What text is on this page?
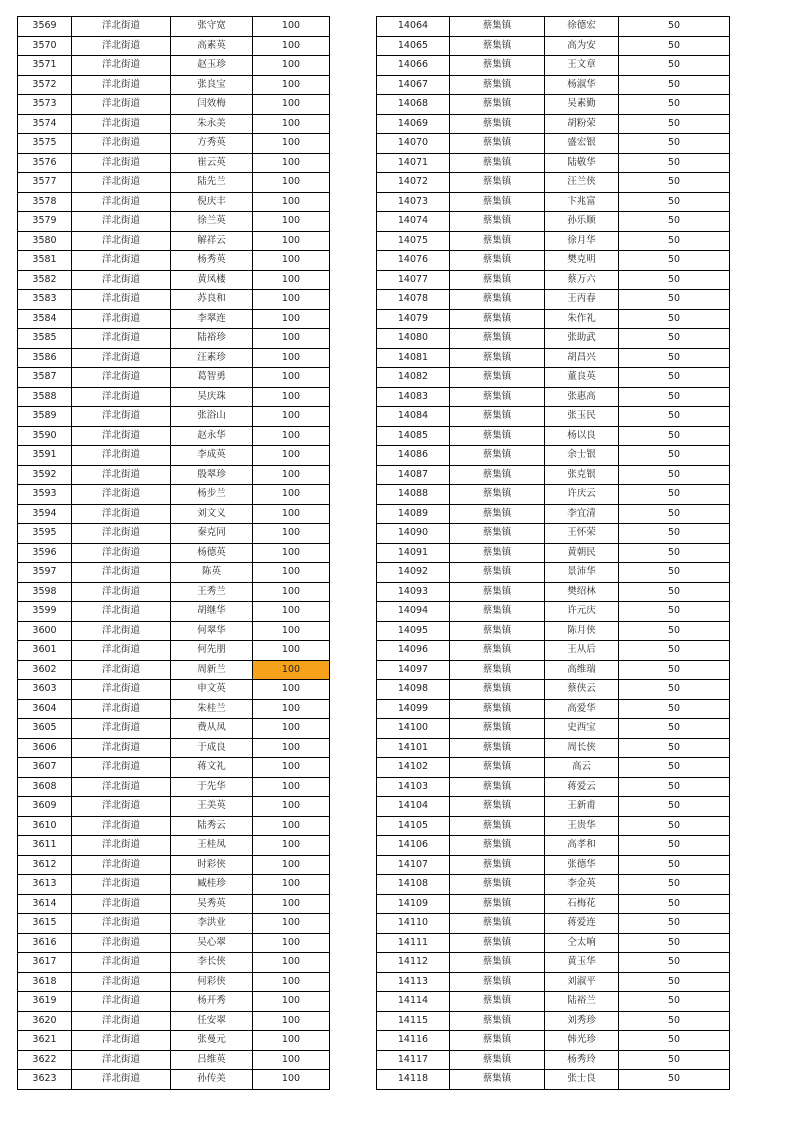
3569	洋北街道	张守宽	100
3570	洋北街道	高素英	100
3571	洋北街道	赵玉珍	100
3572	洋北街道	张良宝	100
3573	洋北街道	闫效梅	100
3574	洋北街道	朱永美	100
3575	洋北街道	方秀英	100
3576	洋北街道	崔云英	100
3577	洋北街道	陆先兰	100
3578	洋北街道	倪庆丰	100
3579	洋北街道	徐兰英	100
3580	洋北街道	解祥云	100
3581	洋北街道	杨秀英	100
3582	洋北街道	黄凤楼	100
3583	洋北街道	苏良和	100
3584	洋北街道	李翠连	100
3585	洋北街道	陆裕珍	100
3586	洋北街道	汪素珍	100
3587	洋北街道	葛智勇	100
3588	洋北街道	吴庆珠	100
3589	洋北街道	张浴山	100
3590	洋北街道	赵永华	100
3591	洋北街道	李成英	100
3592	洋北街道	殷翠珍	100
3593	洋北街道	杨步兰	100
3594	洋北街道	刘文义	100
3595	洋北街道	秦克同	100
3596	洋北街道	杨德英	100
3597	洋北街道	陈英	100
3598	洋北街道	王秀兰	100
3599	洋北街道	胡继华	100
3600	洋北街道	何翠华	100
3601	洋北街道	何先朋	100
3602	洋北街道	周新兰	100
3603	洋北街道	申文英	100
3604	洋北街道	朱桂兰	100
3605	洋北街道	费从凤	100
3606	洋北街道	于成良	100
3607	洋北街道	蒋文礼	100
3608	洋北街道	于先华	100
3609	洋北街道	王美英	100
3610	洋北街道	陆秀云	100
3611	洋北街道	王桂凤	100
3612	洋北街道	时彩侠	100
3613	洋北街道	臧桂珍	100
3614	洋北街道	吴秀英	100
3615	洋北街道	李洪业	100
3616	洋北街道	吴心翠	100
3617	洋北街道	李长侠	100
3618	洋北街道	何彩侠	100
3619	洋北街道	杨开秀	100
3620	洋北街道	任安翠	100
3621	洋北街道	张曼元	100
3622	洋北街道	吕维英	100
3623	洋北街道	孙传美	100
14064	蔡集镇	徐德宏	50
14065	蔡集镇	高为安	50
14066	蔡集镇	王文章	50
14067	蔡集镇	杨淑华	50
14068	蔡集镇	吴素勤	50
14069	蔡集镇	胡粉荣	50
14070	蔡集镇	盛宏银	50
14071	蔡集镇	陆敬华	50
14072	蔡集镇	汪兰侠	50
14073	蔡集镇	卞兆富	50
14074	蔡集镇	孙乐顺	50
14075	蔡集镇	徐月华	50
14076	蔡集镇	樊克明	50
14077	蔡集镇	蔡万六	50
14078	蔡集镇	王丙春	50
14079	蔡集镇	朱作礼	50
14080	蔡集镇	张助武	50
14081	蔡集镇	胡昌兴	50
14082	蔡集镇	董良英	50
14083	蔡集镇	张惠高	50
14084	蔡集镇	张玉民	50
14085	蔡集镇	杨以良	50
14086	蔡集镇	余士银	50
14087	蔡集镇	张克银	50
14088	蔡集镇	许庆云	50
14089	蔡集镇	李宜清	50
14090	蔡集镇	王怀荣	50
14091	蔡集镇	黄朝民	50
14092	蔡集镇	景沛华	50
14093	蔡集镇	樊绍林	50
14094	蔡集镇	许元庆	50
14095	蔡集镇	陈月侠	50
14096	蔡集镇	王从后	50
14097	蔡集镇	高维瑞	50
14098	蔡集镇	蔡侠云	50
14099	蔡集镇	高爱华	50
14100	蔡集镇	史西宝	50
14101	蔡集镇	周长侠	50
14102	蔡集镇	高云	50
14103	蔡集镇	蒋爱云	50
14104	蔡集镇	王新甫	50
14105	蔡集镇	王贵华	50
14106	蔡集镇	高孝和	50
14107	蔡集镇	张德华	50
14108	蔡集镇	李金英	50
14109	蔡集镇	石梅花	50
14110	蔡集镇	蒋爱连	50
14111	蔡集镇	仝太响	50
14112	蔡集镇	黄玉华	50
14113	蔡集镇	刘淑平	50
14114	蔡集镇	陆裕兰	50
14115	蔡集镇	刘秀珍	50
14116	蔡集镇	韩光珍	50
14117	蔡集镇	杨秀玲	50
14118	蔡集镇	张士良	50
